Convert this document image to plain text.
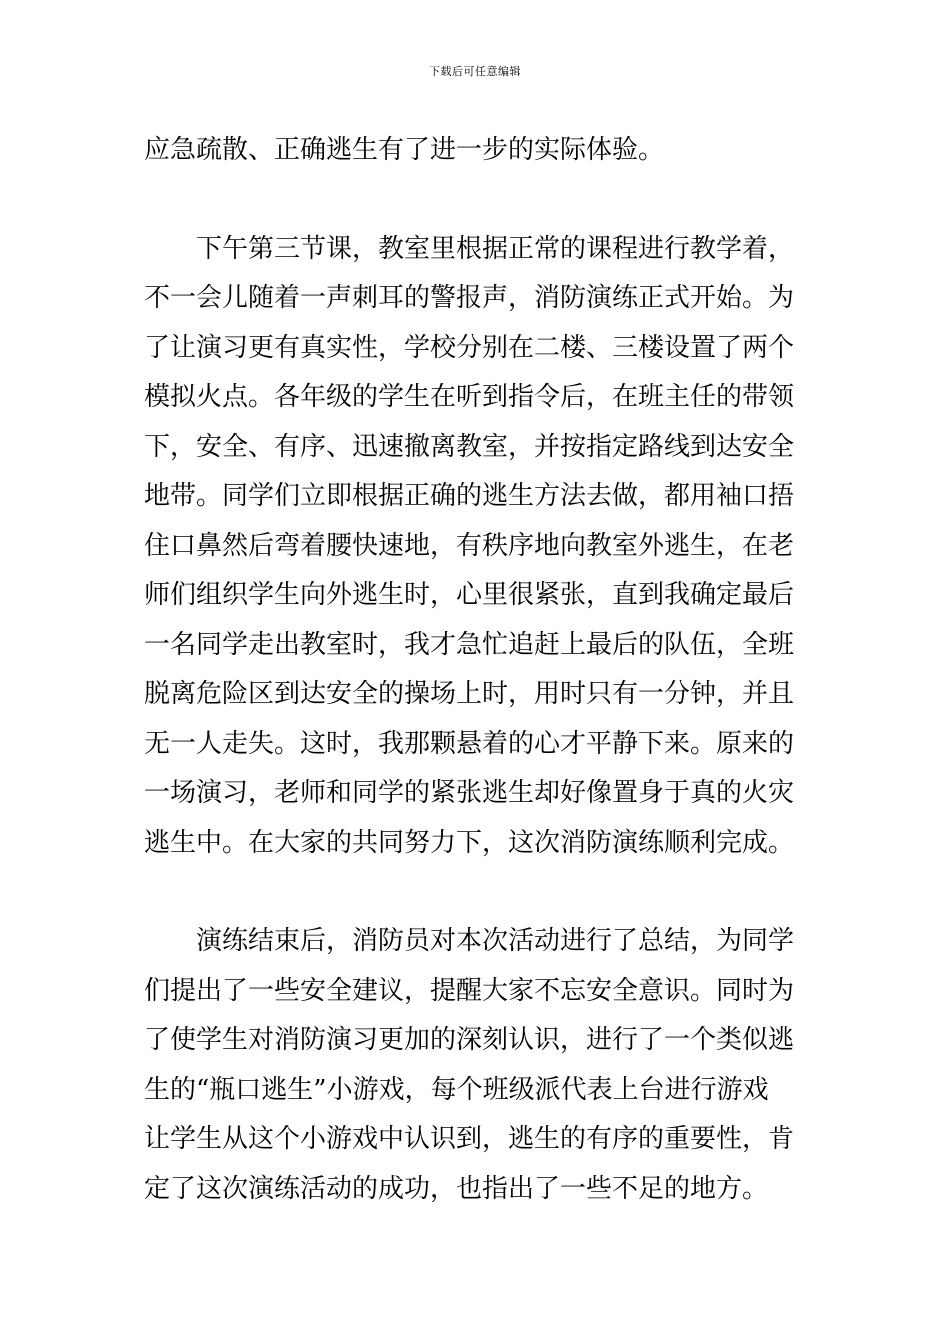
下载后可任意编辑
应急疏散、正确逃生有了进一步的实际体验。
　　下午第三节课，教室里根据正常的课程进行教学着，
不一会儿随着一声刺耳的警报声，消防演练正式开始。为
了让演习更有真实性，学校分别在二楼、三楼设置了两个
模拟火点。各年级的学生在听到指令后，在班主任的带领
下，安全、有序、迅速撤离教室，并按指定路线到达安全
地带。同学们立即根据正确的逃生方法去做，都用袖口捂
住口鼻然后弯着腰快速地，有秩序地向教室外逃生，在老
师们组织学生向外逃生时，心里很紧张，直到我确定最后
一名同学走出教室时，我才急忙追赶上最后的队伍，全班
脱离危险区到达安全的操场上时，用时只有一分钟，并且
无一人走失。这时，我那颗悬着的心才平静下来。原来的
一场演习，老师和同学的紧张逃生却好像置身于真的火灾
逃生中。在大家的共同努力下，这次消防演练顺利完成。
　　演练结束后，消防员对本次活动进行了总结，为同学
们提出了一些安全建议，提醒大家不忘安全意识。同时为
了使学生对消防演习更加的深刻认识，进行了一个类似逃
生的“瓶口逃生”小游戏，每个班级派代表上台进行游戏
让学生从这个小游戏中认识到，逃生的有序的重要性，肯
定了这次演练活动的成功，也指出了一些不足的地方。
